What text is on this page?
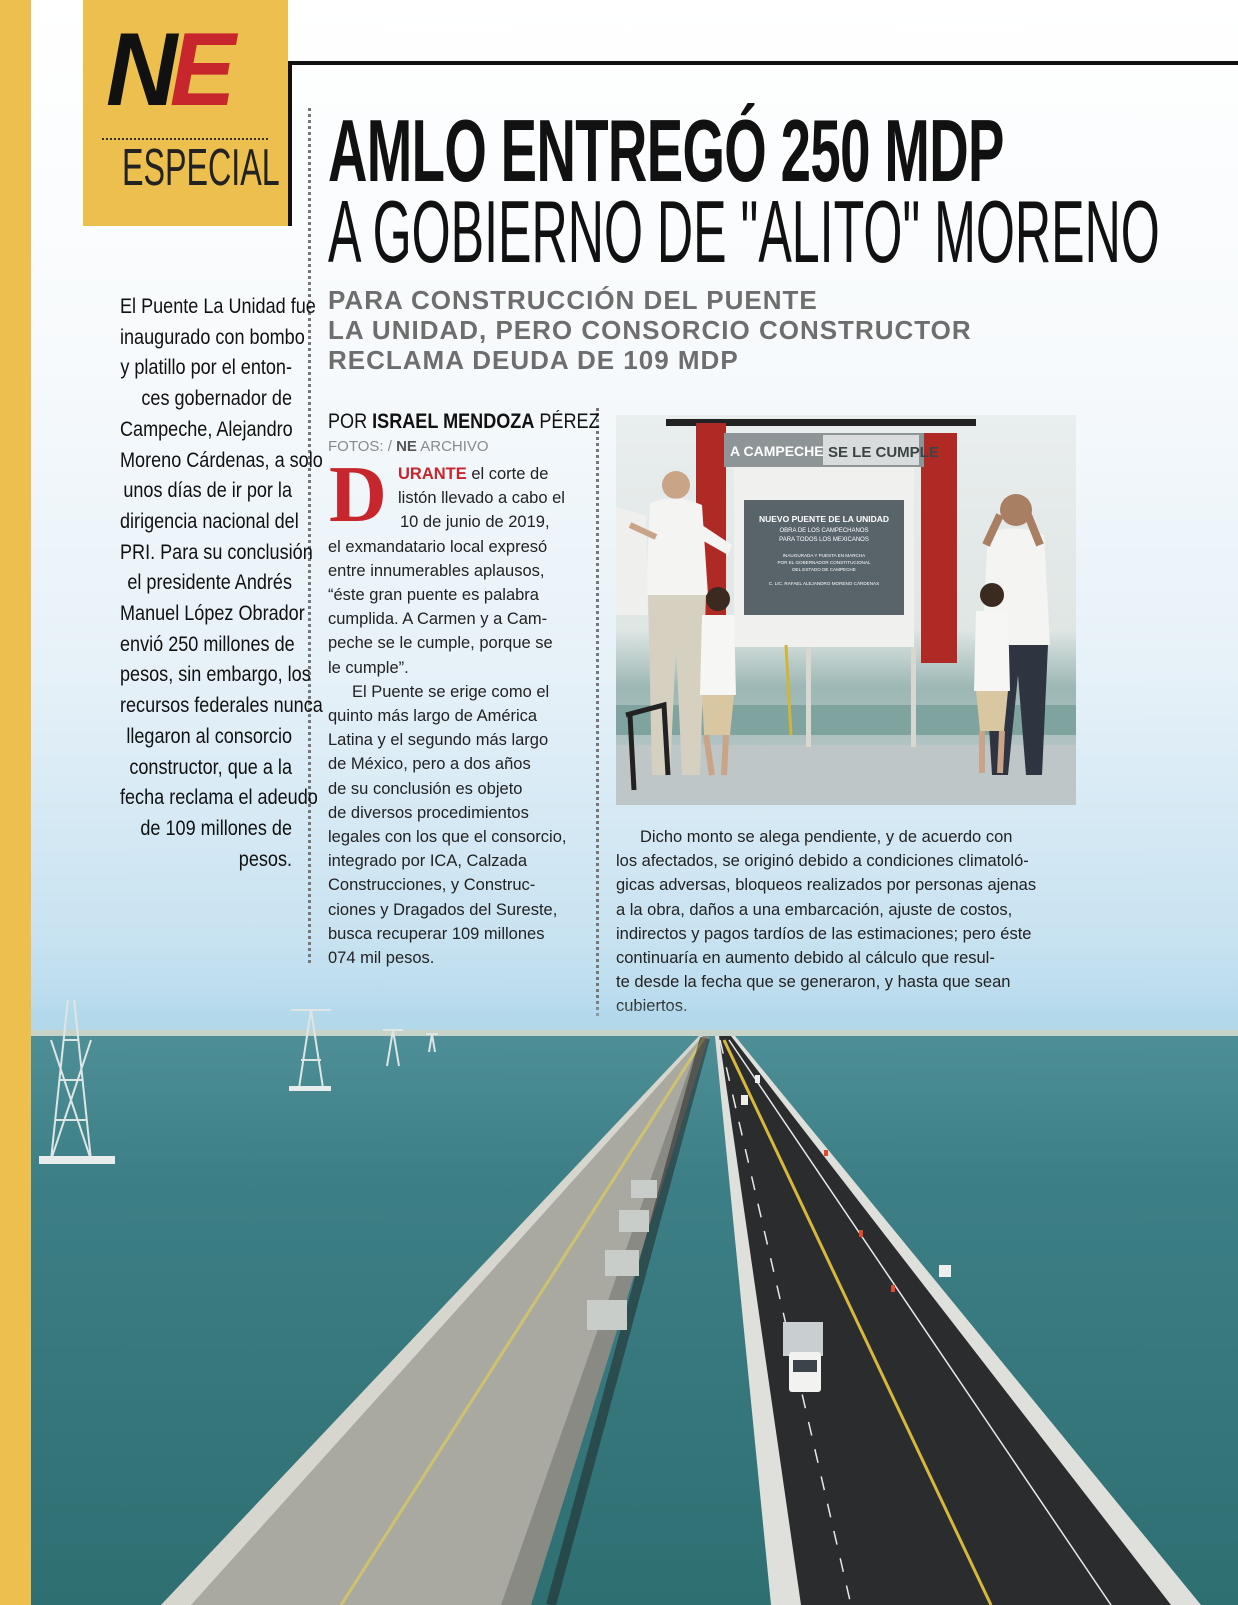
NE
ESPECIAL AMLO ENTREGÓ 250 MDP
A GOBIERNO DE "ALITO" MORENO
PARA CONSTRUCCIÓN DEL PUENTE
LA UNIDAD, PERO CONSORCIO CONSTRUCTOR
RECLAMA DEUDA DE 109 MDP
El Puente La Unidad fue
inaugurado con bombo
y platillo por el enton-
ces gobernador de
Campeche, Alejandro
Moreno Cárdenas, a solo
unos días de ir por la
dirigencia nacional del
PRI. Para su conclusión
el presidente Andrés
Manuel López Obrador
envió 250 millones de
pesos, sin embargo, los
recursos federales nunca
llegaron al consorcio
constructor, que a la
fecha reclama el adeudo
de 109 millones de
pesos.
POR ISRAEL MENDOZA PÉREZ
FOTOS: / NE ARCHIVO
D URANTE el corte de
listón llevado a cabo el
10 de junio de 2019,
el exmandatario local expresó
entre innumerables aplausos,
“éste gran puente es palabra
cumplida. A Carmen y a Cam-
peche se le cumple, porque se
le cumple”.
El Puente se erige como el
quinto más largo de América
Latina y el segundo más largo
de México, pero a dos años
de su conclusión es objeto
de diversos procedimientos
legales con los que el consorcio,
integrado por ICA, Calzada
Construcciones, y Construc-
ciones y Dragados del Sureste,
busca recuperar 109 millones
074 mil pesos.
Dicho monto se alega pendiente, y de acuerdo con
los afectados, se originó debido a condiciones climatoló-
gicas adversas, bloqueos realizados por personas ajenas
a la obra, daños a una embarcación, ajuste de costos,
indirectos y pagos tardíos de las estimaciones; pero éste
continuaría en aumento debido al cálculo que resul-
te desde la fecha que se generaron, y hasta que sean
A CAMPECHE SE LE CUMPLE
NUEVO PUENTE DE LA UNIDAD
OBRA DE LOS CAMPECHANOS
PARA TODOS LOS MEXICANOS
INAUGURADA Y PUESTA EN MARCHA
POR EL GOBERNADOR CONSTITUCIONAL
DEL ESTADO DE CAMPECHE
C. LIC. RAFAEL ALEJANDRO MORENO CÁRDENAS
